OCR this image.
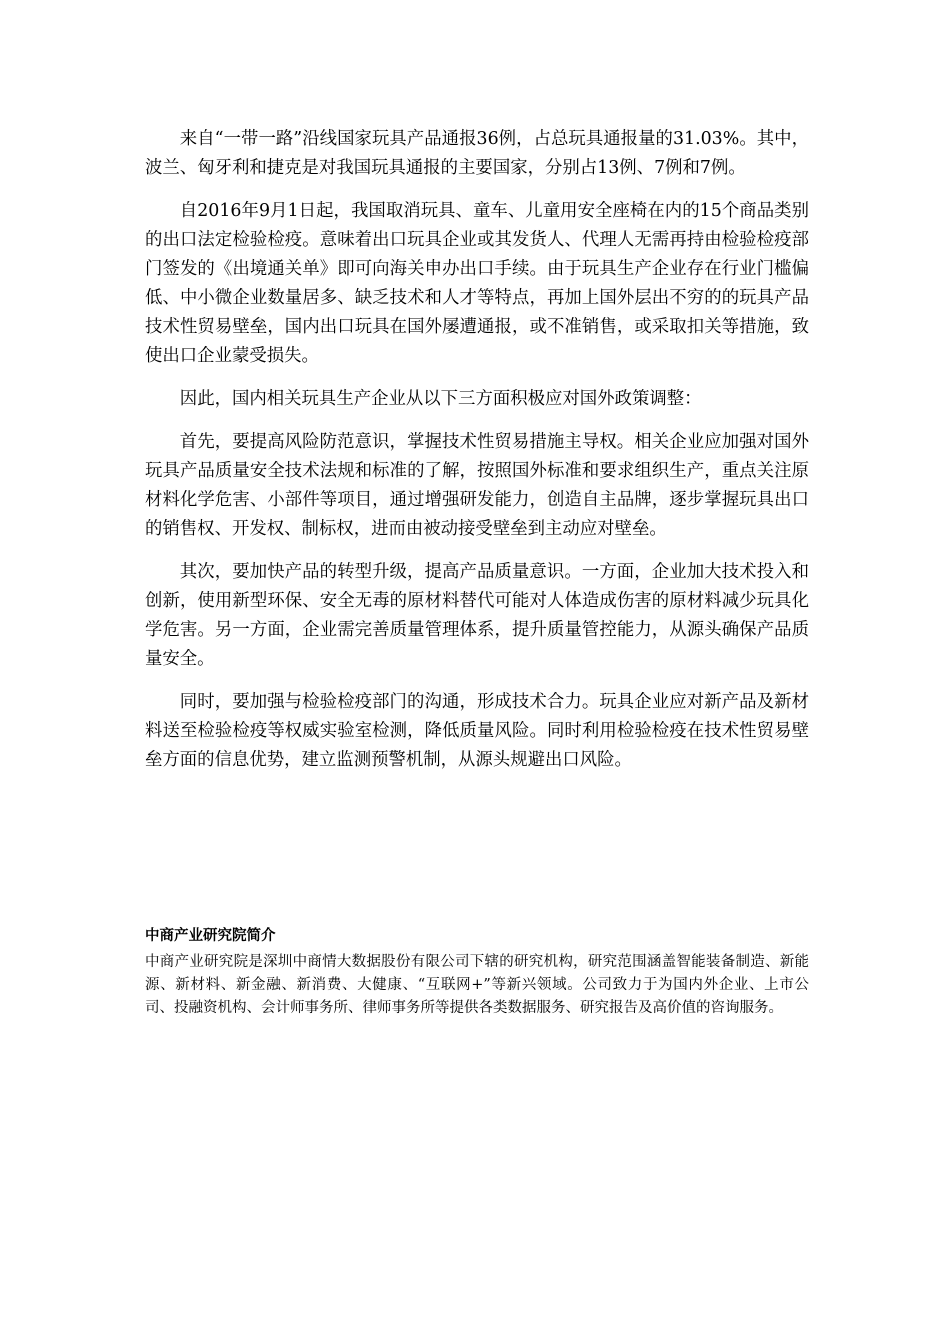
来自“一带一路”沿线国家玩具产品通报36例，占总玩具通报量的31.03%。其中，波兰、匈牙利和捷克是对我国玩具通报的主要国家，分别占13例、7例和7例。

自2016年9月1日起，我国取消玩具、童车、儿童用安全座椅在内的15个商品类别的出口法定检验检疫。意味着出口玩具企业或其发货人、代理人无需再持由检验检疫部门签发的《出境通关单》即可向海关申办出口手续。由于玩具生产企业存在行业门槛偏低、中小微企业数量居多、缺乏技术和人才等特点，再加上国外层出不穷的的玩具产品技术性贸易壁垒，国内出口玩具在国外屡遭通报，或不准销售，或采取扣关等措施，致使出口企业蒙受损失。

因此，国内相关玩具生产企业从以下三方面积极应对国外政策调整：

首先，要提高风险防范意识，掌握技术性贸易措施主导权。相关企业应加强对国外玩具产品质量安全技术法规和标准的了解，按照国外标准和要求组织生产，重点关注原材料化学危害、小部件等项目，通过增强研发能力，创造自主品牌，逐步掌握玩具出口的销售权、开发权、制标权，进而由被动接受壁垒到主动应对壁垒。

其次，要加快产品的转型升级，提高产品质量意识。一方面，企业加大技术投入和创新，使用新型环保、安全无毒的原材料替代可能对人体造成伤害的原材料减少玩具化学危害。另一方面，企业需完善质量管理体系，提升质量管控能力，从源头确保产品质量安全。

同时，要加强与检验检疫部门的沟通，形成技术合力。玩具企业应对新产品及新材料送至检验检疫等权威实验室检测，降低质量风险。同时利用检验检疫在技术性贸易壁垒方面的信息优势，建立监测预警机制，从源头规避出口风险。

中商产业研究院简介

中商产业研究院是深圳中商情大数据股份有限公司下辖的研究机构，研究范围涵盖智能装备制造、新能源、新材料、新金融、新消费、大健康、“互联网+”等新兴领域。公司致力于为国内外企业、上市公司、投融资机构、会计师事务所、律师事务所等提供各类数据服务、研究报告及高价值的咨询服务。
